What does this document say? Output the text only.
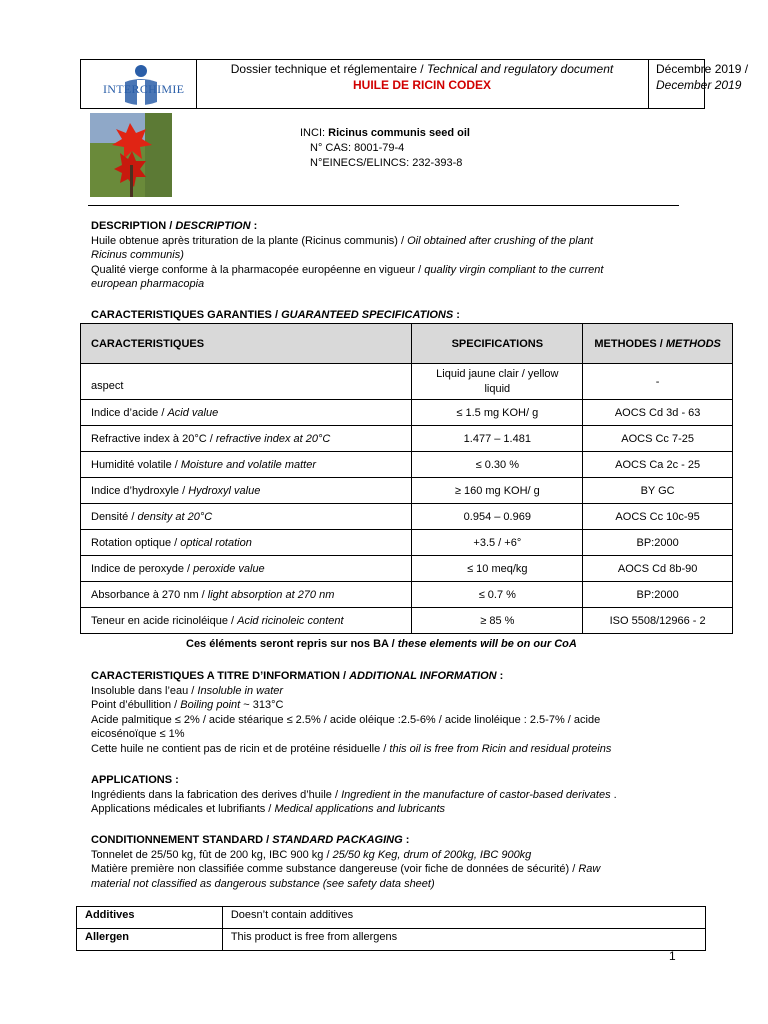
INTERCHIMIE
Dossier technique et réglementaire / Technical and regulatory document
HUILE DE RICIN CODEX
Décembre 2019 /
December 2019
INCI: Ricinus communis seed oil
N° CAS: 8001-79-4
N°EINECS/ELINCS: 232-393-8
DESCRIPTION / DESCRIPTION :
Huile obtenue après trituration de la plante (Ricinus communis) / Oil obtained after crushing of the plant
Ricinus communis)
Qualité vierge conforme à la pharmacopée européenne en vigueur / quality virgin compliant to the current
european pharmacopia
CARACTERISTIQUES GARANTIES / GUARANTEED SPECIFICATIONS :
CARACTERISTIQUES	SPECIFICATIONS	METHODES / METHODS
aspect	Liquid jaune clair / yellow liquid	-
Indice d’acide / Acid value	≤ 1.5 mg KOH/ g	AOCS Cd 3d - 63
Refractive index à 20°C / refractive index at 20°C	1.477 – 1.481	AOCS Cc 7-25
Humidité volatile / Moisture and volatile matter	≤ 0.30 %	AOCS Ca 2c - 25
Indice d’hydroxyle / Hydroxyl value	≥ 160 mg KOH/ g	BY GC
Densité / density at 20°C	0.954 – 0.969	AOCS Cc 10c-95
Rotation optique / optical rotation	+3.5 / +6°	BP:2000
Indice de peroxyde / peroxide value	≤ 10 meq/kg	AOCS Cd 8b-90
Absorbance à 270 nm / light absorption at 270 nm	≤ 0.7 %	BP:2000
Teneur en acide ricinoléique / Acid ricinoleic content	≥ 85 %	ISO 5508/12966 - 2
Ces éléments seront repris sur nos BA / these elements will be on our CoA
CARACTERISTIQUES A TITRE D’INFORMATION / ADDITIONAL INFORMATION :
Insoluble dans l’eau / Insoluble in water
Point d’ébullition / Boiling point ~ 313°C
Acide palmitique ≤ 2% / acide stéarique ≤ 2.5% / acide oléique :2.5-6% / acide linoléique : 2.5-7% / acide
eicosénoïque ≤ 1%
Cette huile ne contient pas de ricin et de protéine résiduelle / this oil is free from Ricin and residual proteins
APPLICATIONS :
Ingrédients dans la fabrication des derives d’huile / Ingredient in the manufacture of castor-based derivates .
Applications médicales et lubrifiants / Medical applications and lubricants
CONDITIONNEMENT STANDARD / STANDARD PACKAGING :
Tonnelet de 25/50 kg, fût de 200 kg, IBC 900 kg / 25/50 kg Keg, drum of 200kg, IBC 900kg
Matière première non classifiée comme substance dangereuse (voir fiche de données de sécurité) / Raw
material not classified as dangerous substance (see safety data sheet)
Additives	Doesn’t contain additives
Allergen	This product is free from allergens
1
